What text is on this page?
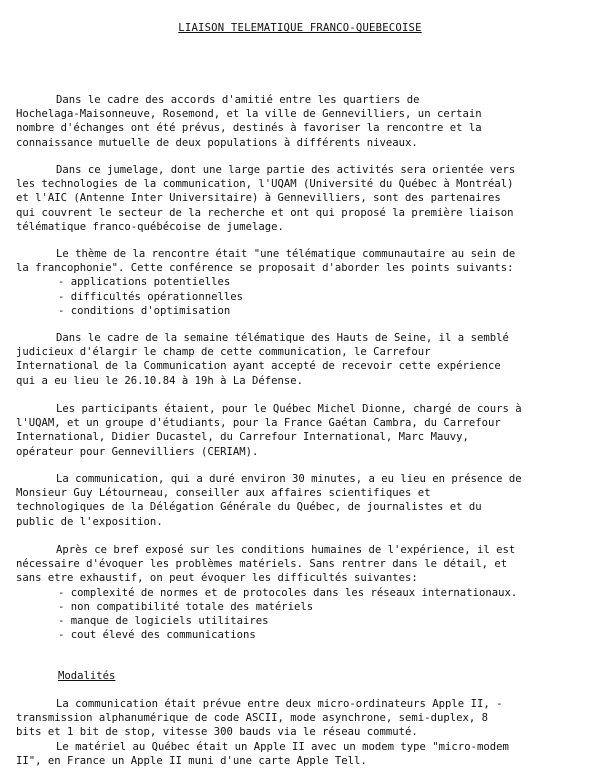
LIAISON TELEMATIQUE FRANCO-QUEBECOISE
Dans le cadre des accords d'amitié entre les quartiers de
Hochelaga-Maisonneuve, Rosemond, et la ville de Gennevilliers, un certain
nombre d'échanges ont été prévus, destinés à favoriser la rencontre et la
connaissance mutuelle de deux populations à différents niveaux.
Dans ce jumelage, dont une large partie des activités sera orientée vers
les technologies de la communication, l'UQAM (Université du Québec à Montréal)
et l'AIC (Antenne Inter Universitaire) à Gennevilliers, sont des partenaires
qui couvrent le secteur de la recherche et ont qui proposé la première liaison
télématique franco-québécoise de jumelage.
Le thème de la rencontre était "une télématique communautaire au sein de
la francophonie". Cette conférence se proposait d'aborder les points suivants:
- applications potentielles
- difficultés opérationnelles
- conditions d'optimisation
Dans le cadre de la semaine télématique des Hauts de Seine, il a semblé
judicieux d'élargir le champ de cette communication, le Carrefour
International de la Communication ayant accepté de recevoir cette expérience
qui a eu lieu le 26.10.84 à 19h à La Défense.
Les participants étaient, pour le Québec Michel Dionne, chargé de cours à
l'UQAM, et un groupe d'étudiants, pour la France Gaétan Cambra, du Carrefour
International, Didier Ducastel, du Carrefour International, Marc Mauvy,
opérateur pour Gennevilliers (CERIAM).
La communication, qui a duré environ 30 minutes, a eu lieu en présence de
Monsieur Guy Létourneau, conseiller aux affaires scientifiques et
technologiques de la Délégation Générale du Québec, de journalistes et du
public de l'exposition.
Après ce bref exposé sur les conditions humaines de l'expérience, il est
nécessaire d'évoquer les problèmes matériels. Sans rentrer dans le détail, et
sans etre exhaustif, on peut évoquer les difficultés suivantes:
- complexité de normes et de protocoles dans les réseaux internationaux.
- non compatibilité totale des matériels
- manque de logiciels utilitaires
- cout élevé des communications
Modalités
La communication était prévue entre deux micro-ordinateurs Apple II, -
transmission alphanumérique de code ASCII, mode asynchrone, semi-duplex, 8
bits et 1 bit de stop, vitesse 300 bauds via le réseau commuté.
Le matériel au Québec était un Apple II avec un modem type "micro-modem
II", en France un Apple II muni d'une carte Apple Tell.
